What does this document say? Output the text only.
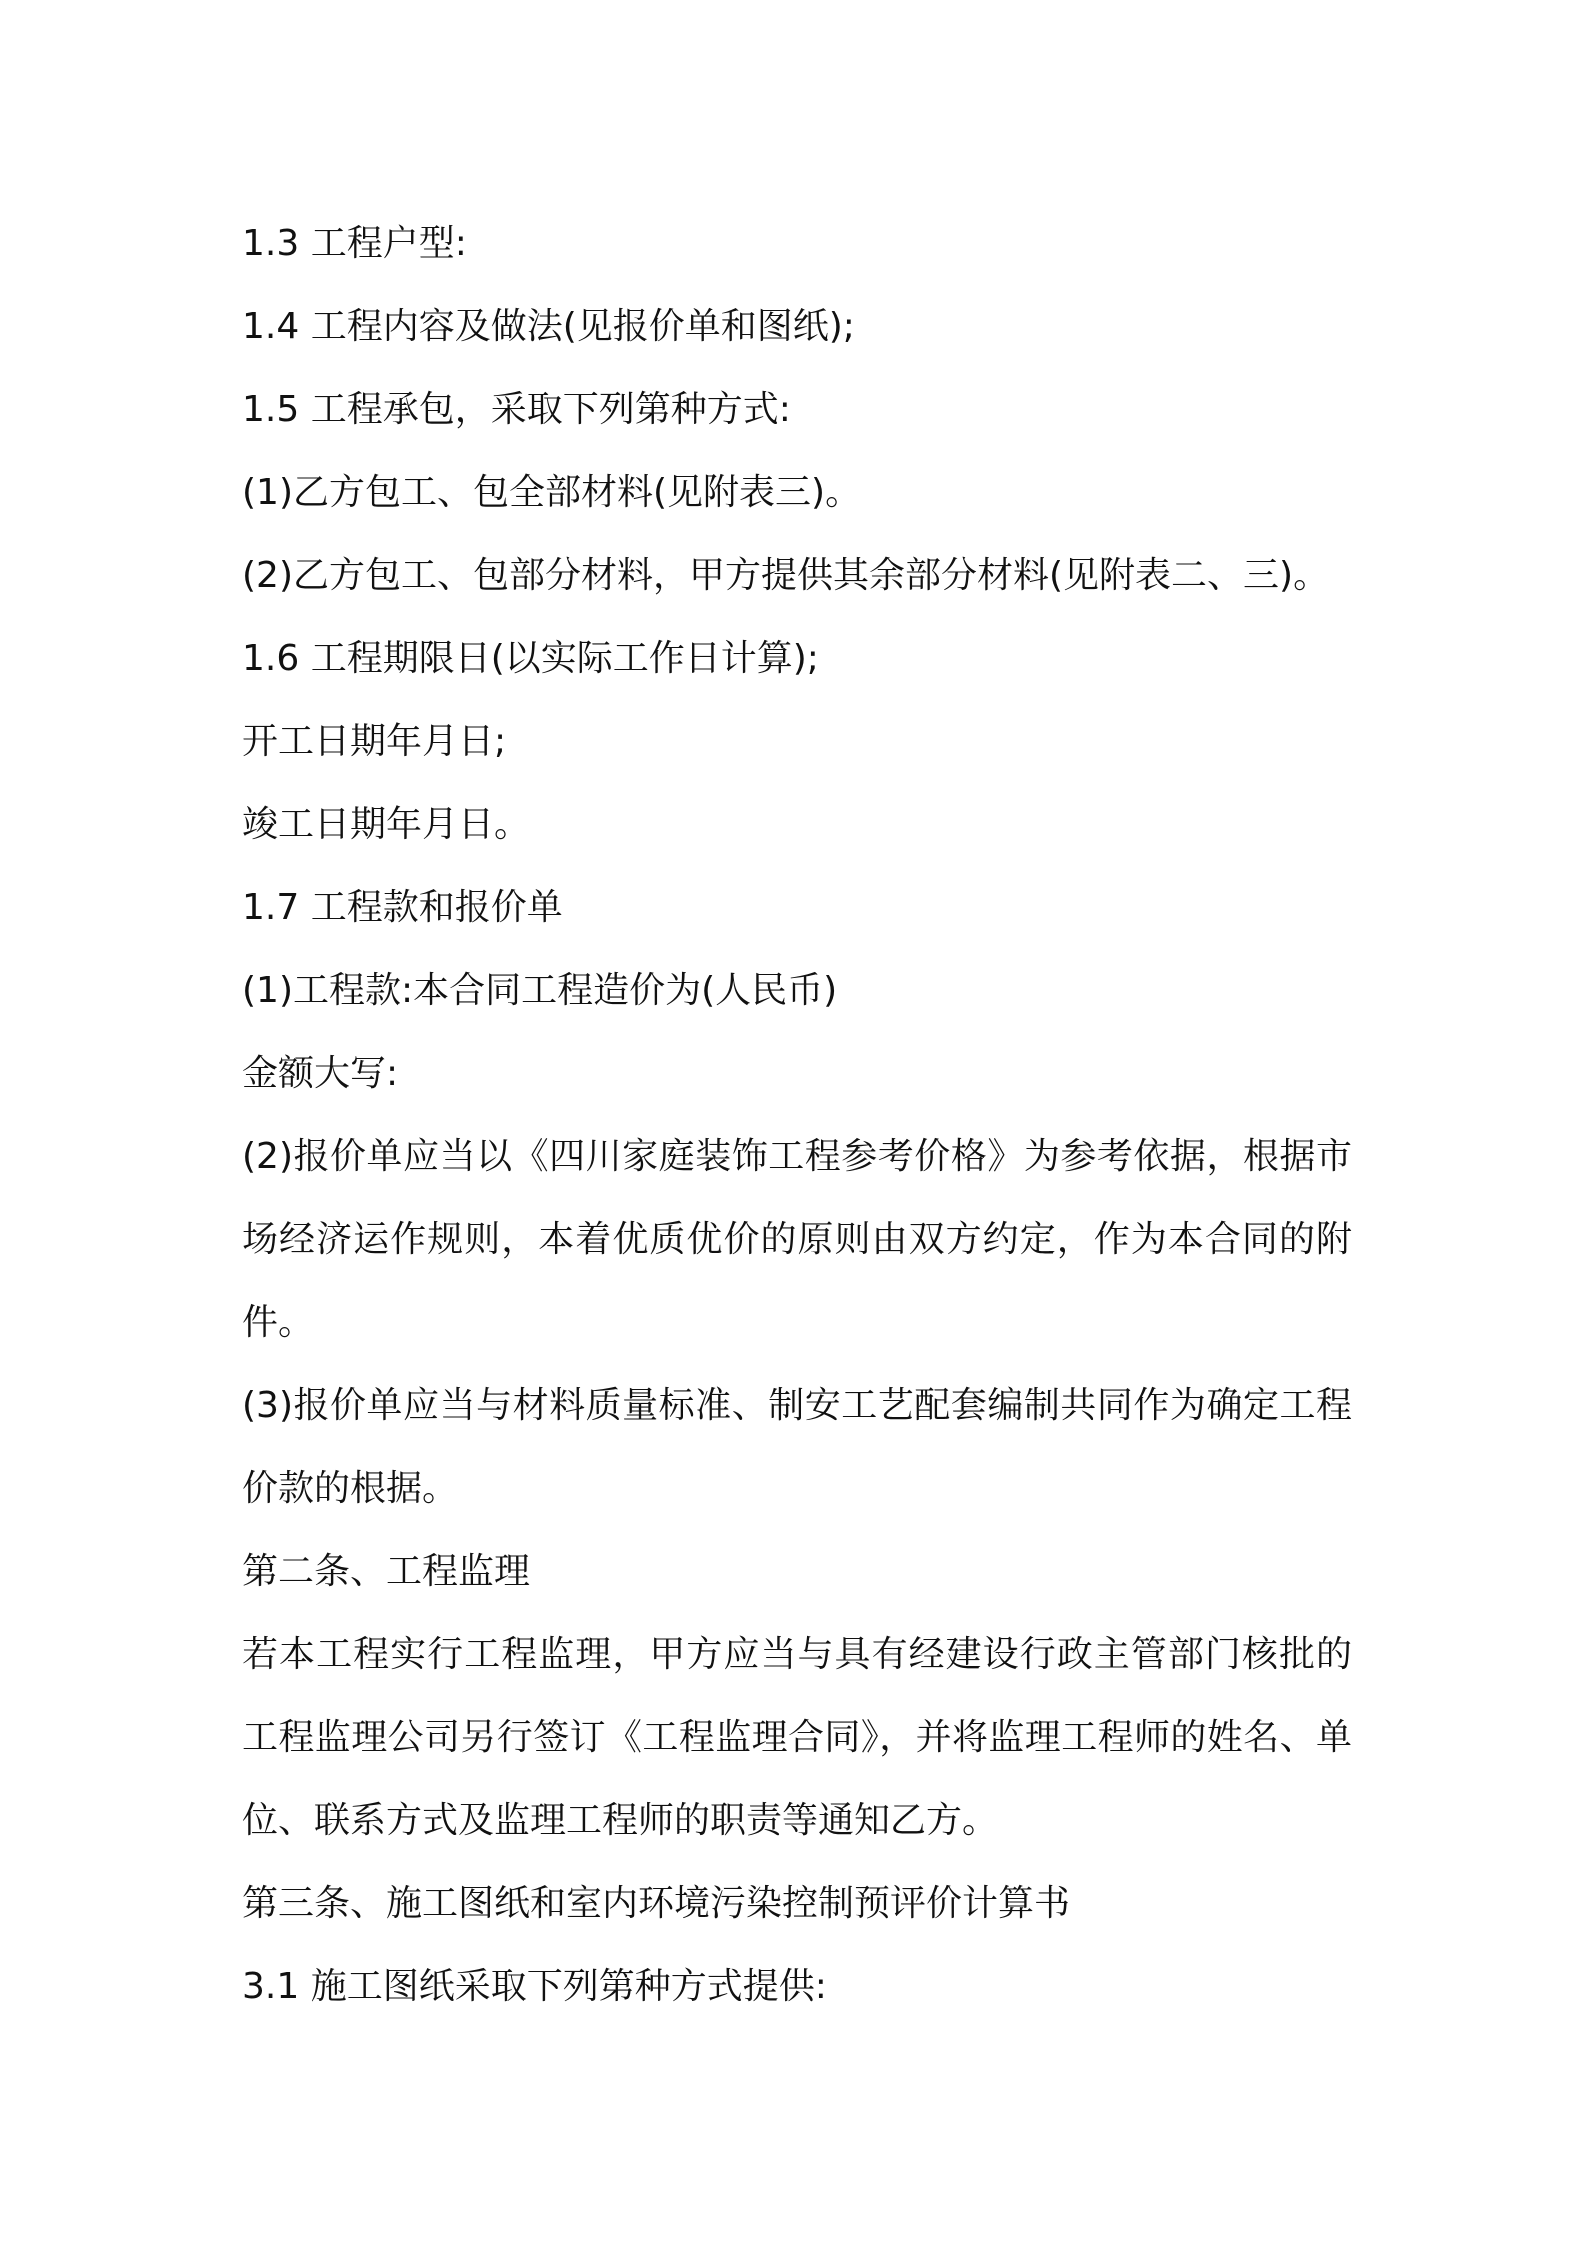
1.3 工程户型:

1.4 工程内容及做法(见报价单和图纸);

1.5 工程承包，采取下列第种方式:

(1)乙方包工、包全部材料(见附表三)。

(2)乙方包工、包部分材料，甲方提供其余部分材料(见附表二、三)。

1.6 工程期限日(以实际工作日计算);

开工日期年月日;

竣工日期年月日。

1.7 工程款和报价单

(1)工程款:本合同工程造价为(人民币)

金额大写:

(2)报价单应当以《四川家庭装饰工程参考价格》为参考依据，根据市场经济运作规则，本着优质优价的原则由双方约定，作为本合同的附件。

(3)报价单应当与材料质量标准、制安工艺配套编制共同作为确定工程价款的根据。

第二条、工程监理

若本工程实行工程监理，甲方应当与具有经建设行政主管部门核批的工程监理公司另行签订《工程监理合同》，并将监理工程师的姓名、单位、联系方式及监理工程师的职责等通知乙方。

第三条、施工图纸和室内环境污染控制预评价计算书

3.1 施工图纸采取下列第种方式提供:
